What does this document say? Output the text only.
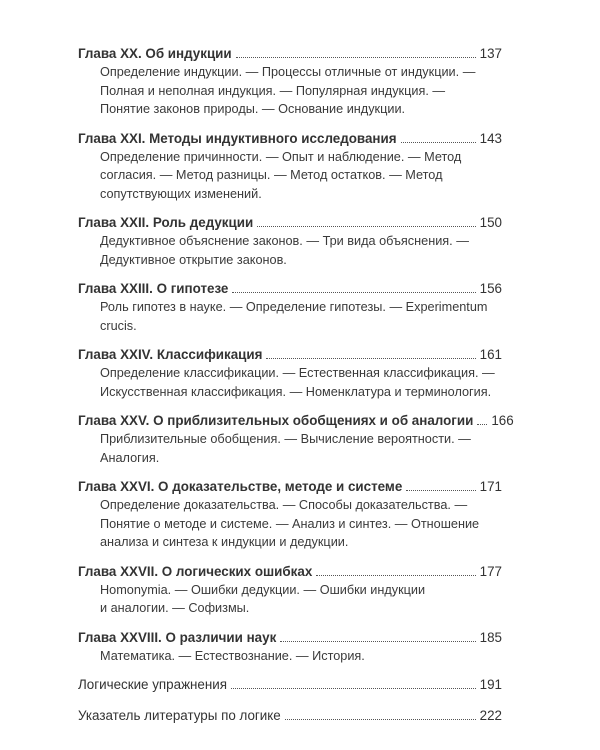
Глава XX. Об индукции	137
Определение индукции. — Процессы отличные от индукции. —
Полная и неполная индукция. — Популярная индукция. —
Понятие законов природы. — Основание индукции.
Глава XXI. Методы индуктивного исследования	143
Определение причинности. — Опыт и наблюдение. — Метод
согласия. — Метод разницы. — Метод остатков. — Метод
сопутствующих изменений.
Глава XXII. Роль дедукции	150
Дедуктивное объяснение законов. — Три вида объяснения. —
Дедуктивное открытие законов.
Глава XXIII. О гипотезе	156
Роль гипотез в науке. — Определение гипотезы. — Experimentum
crucis.
Глава XXIV. Классификация	161
Определение классификации. — Естественная классификация. —
Искусственная классификация. — Номенклатура и терминология.
Глава XXV. О приблизительных обобщениях и об аналогии 166
Приблизительные обобщения. — Вычисление вероятности. —
Аналогия.
Глава XXVI. О доказательстве, методе и системе	171
Определение доказательства. — Способы доказательства. —
Понятие о методе и системе. — Анализ и синтез. — Отношение
анализа и синтеза к индукции и дедукции.
Глава XXVII. О логических ошибках	177
Homonymia. — Ошибки дедукции. — Ошибки индукции
и аналогии. — Софизмы.
Глава XXVIII. О различии наук	185
Математика. — Естествознание. — История.
Логические упражнения	191
Указатель литературы по логике	222
